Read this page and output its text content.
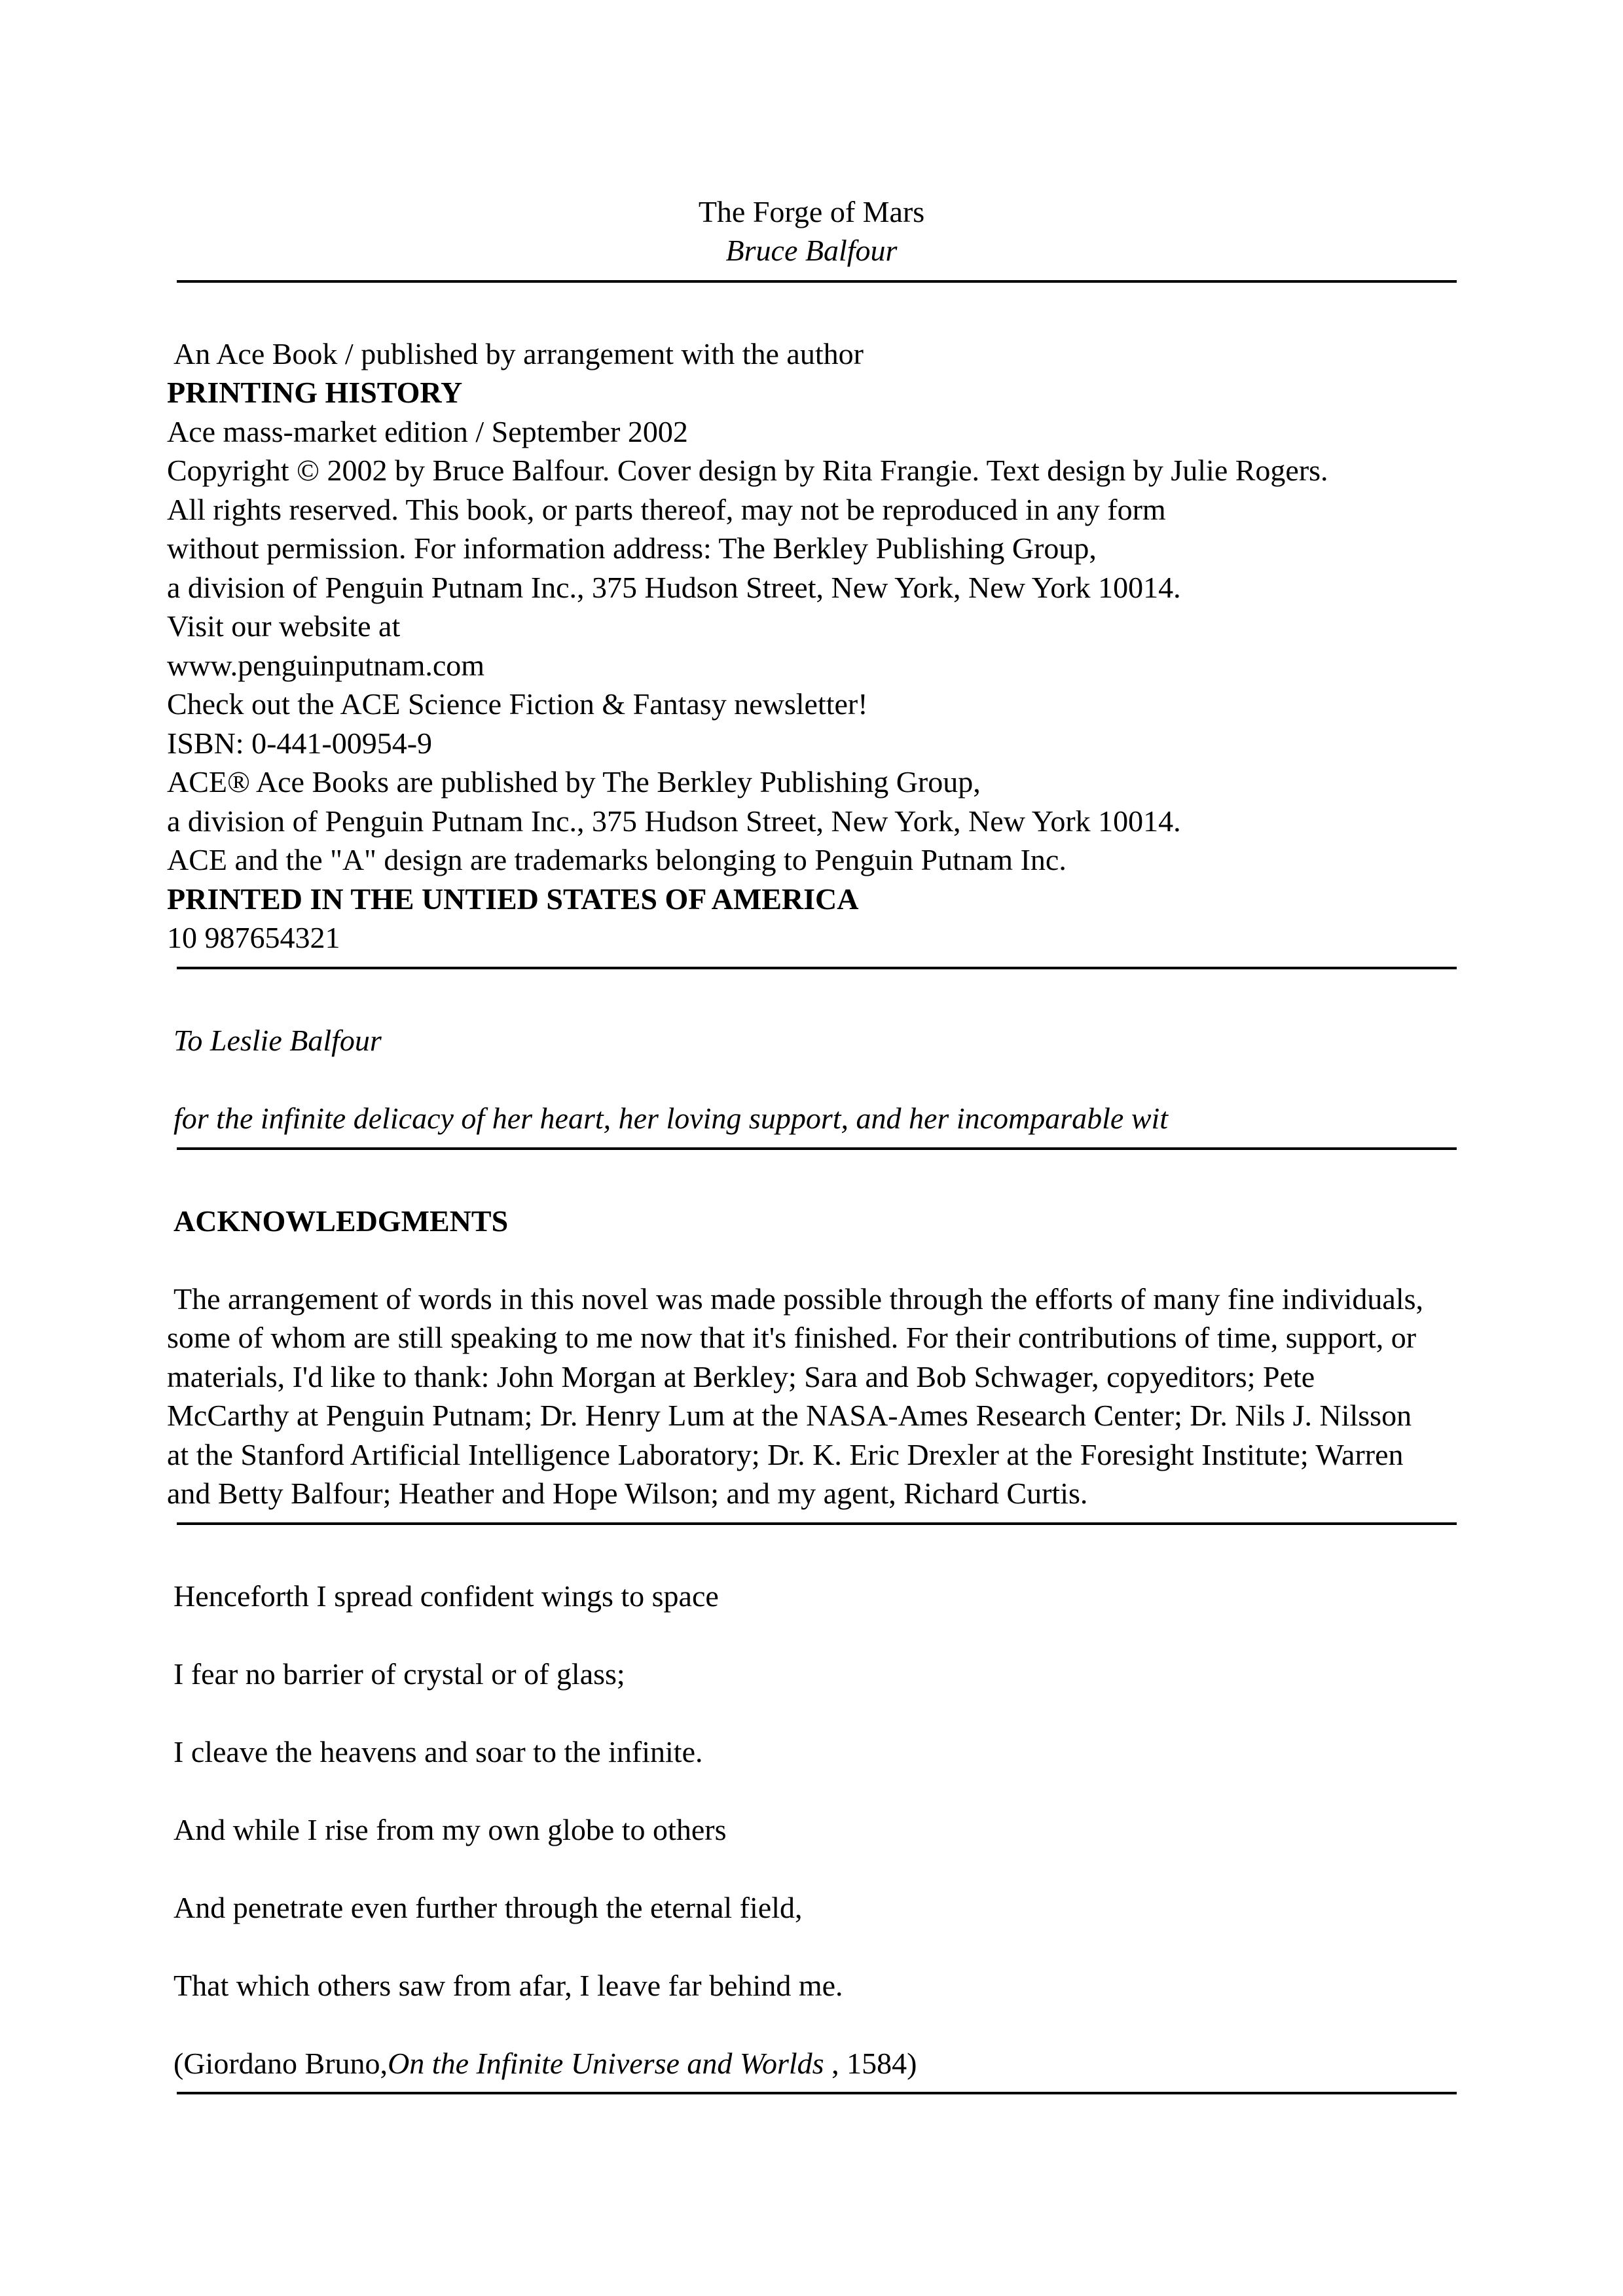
The Forge of Mars
Bruce Balfour
An Ace Book / published by arrangement with the author
PRINTING HISTORY
Ace mass-market edition / September 2002
Copyright © 2002 by Bruce Balfour. Cover design by Rita Frangie. Text design by Julie Rogers.
All rights reserved. This book, or parts thereof, may not be reproduced in any form
without permission. For information address: The Berkley Publishing Group,
a division of Penguin Putnam Inc., 375 Hudson Street, New York, New York 10014.
Visit our website at
www.penguinputnam.com
Check out the ACE Science Fiction & Fantasy newsletter!
ISBN: 0-441-00954-9
ACE® Ace Books are published by The Berkley Publishing Group,
a division of Penguin Putnam Inc., 375 Hudson Street, New York, New York 10014.
ACE and the "A" design are trademarks belonging to Penguin Putnam Inc.
PRINTED IN THE UNTIED STATES OF AMERICA
10 987654321
To Leslie Balfour
for the infinite delicacy of her heart, her loving support, and her incomparable wit
ACKNOWLEDGMENTS
The arrangement of words in this novel was made possible through the efforts of many fine individuals,
some of whom are still speaking to me now that it's finished. For their contributions of time, support, or
materials, I'd like to thank: John Morgan at Berkley; Sara and Bob Schwager, copyeditors; Pete
McCarthy at Penguin Putnam; Dr. Henry Lum at the NASA-Ames Research Center; Dr. Nils J. Nilsson
at the Stanford Artificial Intelligence Laboratory; Dr. K. Eric Drexler at the Foresight Institute; Warren
and Betty Balfour; Heather and Hope Wilson; and my agent, Richard Curtis.
Henceforth I spread confident wings to space
I fear no barrier of crystal or of glass;
I cleave the heavens and soar to the infinite.
And while I rise from my own globe to others
And penetrate even further through the eternal field,
That which others saw from afar, I leave far behind me.
(Giordano Bruno,On the Infinite Universe and Worlds , 1584)
